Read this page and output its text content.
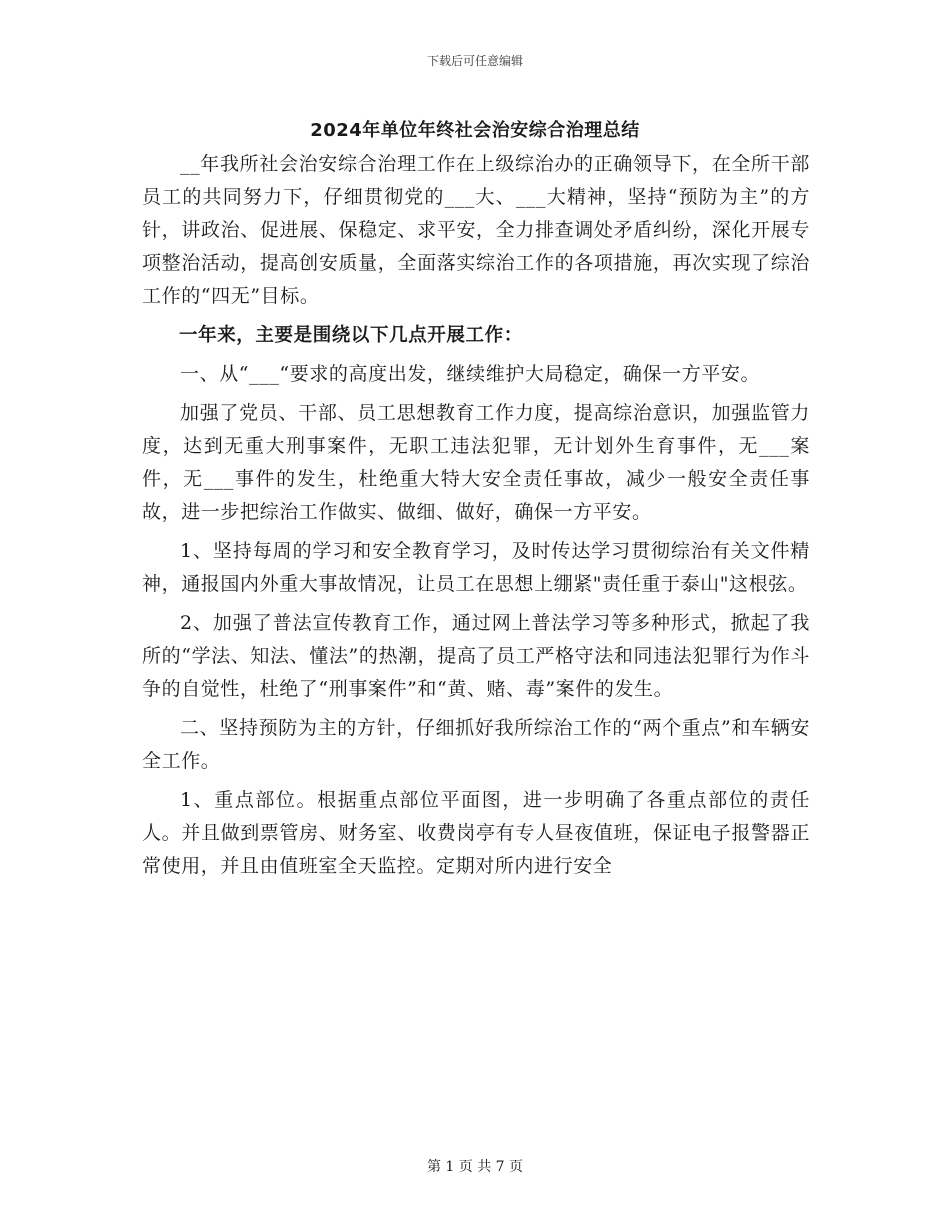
下载后可任意编辑
2024年单位年终社会治安综合治理总结

__年我所社会治安综合治理工作在上级综治办的正确领导下，在全所干部员工的共同努力下，仔细贯彻党的___大、___大精神，坚持“预防为主”的方针，讲政治、促进展、保稳定、求平安，全力排查调处矛盾纠纷，深化开展专项整治活动，提高创安质量，全面落实综治工作的各项措施，再次实现了综治工作的“四无”目标。

一年来，主要是围绕以下几点开展工作：

一、从“___“要求的高度出发，继续维护大局稳定，确保一方平安。

加强了党员、干部、员工思想教育工作力度，提高综治意识，加强监管力度，达到无重大刑事案件，无职工违法犯罪，无计划外生育事件，无___案件，无___事件的发生，杜绝重大特大安全责任事故，减少一般安全责任事故，进一步把综治工作做实、做细、做好，确保一方平安。

1、坚持每周的学习和安全教育学习，及时传达学习贯彻综治有关文件精神，通报国内外重大事故情况，让员工在思想上绷紧"责任重于泰山"这根弦。

2、加强了普法宣传教育工作，通过网上普法学习等多种形式，掀起了我所的“学法、知法、懂法”的热潮，提高了员工严格守法和同违法犯罪行为作斗争的自觉性，杜绝了“刑事案件”和“黄、赌、毒”案件的发生。

二、坚持预防为主的方针，仔细抓好我所综治工作的“两个重点”和车辆安全工作。

1、重点部位。根据重点部位平面图，进一步明确了各重点部位的责任人。并且做到票管房、财务室、收费岗亭有专人昼夜值班，保证电子报警器正常使用，并且由值班室全天监控。定期对所内进行安全

第 1 页 共 7 页
